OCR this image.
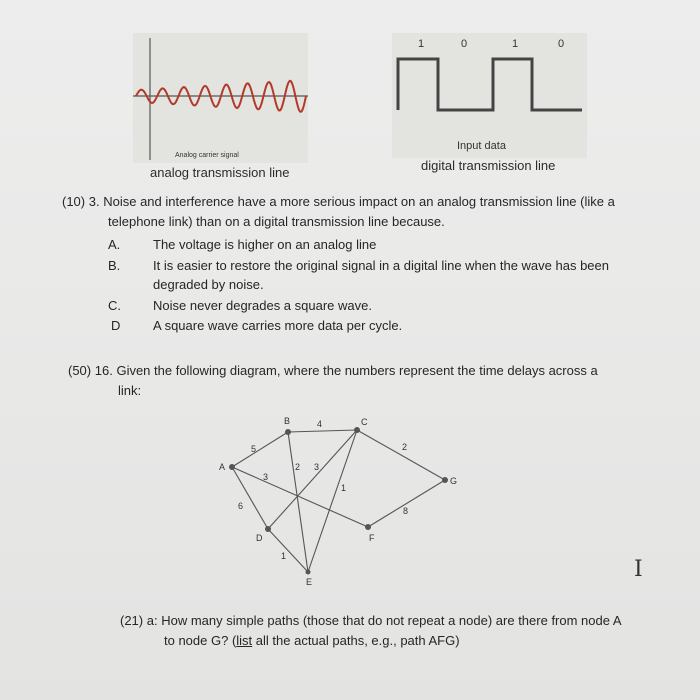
Analog carrier signal
analog transmission line
1	0	1	0
Input data
digital transmission line
(10) 3. Noise and interference have a more serious impact on an analog transmission line (like a
telephone link) than on a digital transmission line because.
A.	The voltage is higher on an analog line
B.	It is easier to restore the original signal in a digital line when the wave has been
degraded by noise.
C.	Noise never degrades a square wave.
D	A square wave carries more data per cycle.
(50) 16. Given the following diagram, where the numbers represent the time delays across a
link:
A
B	C
D
E
F
G
5
6
3
4
2 3
1
1
2
8
I
(21) a: How many simple paths (those that do not repeat a node) are there from node A
to node G? (list all the actual paths, e.g., path AFG)
